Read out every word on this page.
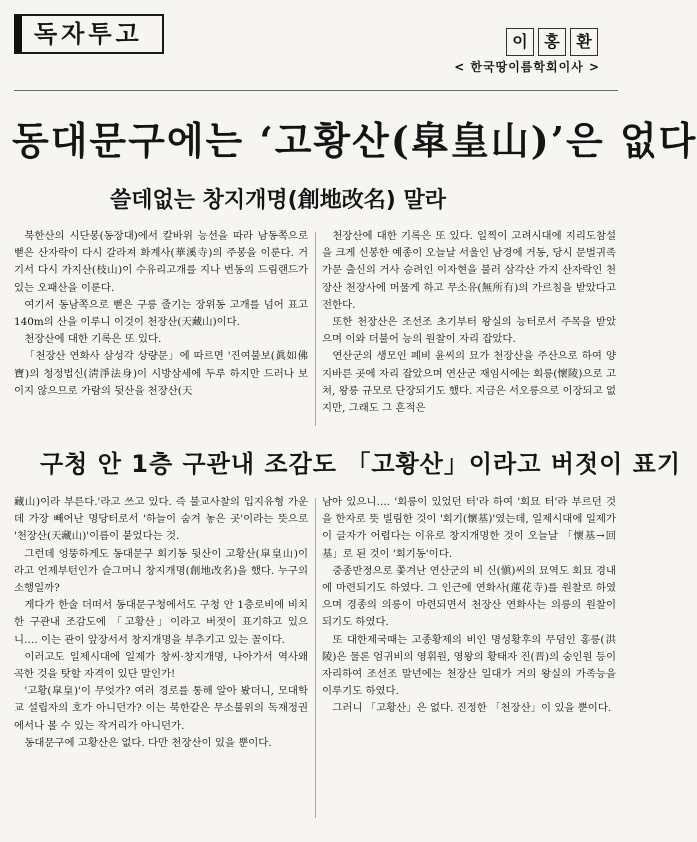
독자투고	이	홍	환
< 한국땅이름학회이사 >
동대문구에는 ‘고황산(皐皇山)’은 없다
쓸데없는 창지개명(創地改名) 말라

북한산의 시단봉(동장대)에서 칼바위 능선을 따라 남동쪽으로 뻗은 산자락이 다시 갈라져 화계사(華溪寺)의 주봉을 이룬다. 거기서 다시 가지산(枝山)이 수유리고개를 지나 번동의 드림랜드가 있는 오패산을 이룬다.

여기서 동남쪽으로 뻗은 구릉 줄기는 장위동 고개를 넘어 표고 140m의 산을 이루니 이것이 천장산(天藏山)이다.

천장산에 대한 기록은 또 있다.

「천장산 연화사 삼성각 상량문」에 따르면 '진여불보(眞如佛寶)의 청정법신(淸淨法身)이 시방삼세에 두루 하지만 드러나 보이지 않으므로 가람의 뒷산을 천장산(天

천장산에 대한 기록은 또 있다. 일찍이 고려시대에 지리도참설을 크게 신봉한 예종이 오늘날 서울인 남경에 거동, 당시 문벌귀족가문 출신의 거사 승려인 이자현을 불러 삼각산 가지 산자락인 천장산 천장사에 머물게 하고 무소유(無所有)의 가르침을 받았다고 전한다.

또한 천장산은 조선조 초기부터 왕실의 능터로서 주목을 받았으며 이와 더불어 능의 원찰이 자리 잡았다.

연산군의 생모인 폐비 윤씨의 묘가 천장산을 주산으로 하여 양지바른 곳에 자리 잡았으며 연산군 재임시에는 회릉(懷陵)으로 고쳐, 왕릉 규모로 단장되기도 했다. 지금은 서오릉으로 이장되고 없지만, 그래도 그 흔적은

구청 안 1층 구관내 조감도 「고황산」이라고 버젓이 표기

藏山)이라 부른다.'라고 쓰고 있다. 즉 불교사찰의 입지유형 가운데 가장 빼어난 명당터로서 '하늘이 숨겨 놓은 곳'이라는 뜻으로 '천장산(天藏山)'이름이 붙었다는 것.

그런데 엉뚱하게도 동대문구 회기동 뒷산이 고황산(皐皇山)이라고 언제부턴인가 슬그머니 창지개명(創地改名)을 했다. 누구의 소행일까?

게다가 한술 더떠서 동대문구청에서도 구청 안 1층로비에 비치한 구관내 조감도에 「고황산」이라고 버젓이 표기하고 있으니…. 이는 관이 앞장서서 창지개명을 부추기고 있는 꼴이다.

이러고도 일제시대에 일제가 창씨·창지개명, 나아가서 역사왜곡한 것을 탓할 자격이 있단 말인가!

'고황(皐皇)'이 무엇가? 여러 경로를 통해 알아 봤더니, 모대학교 설립자의 호가 아니던가? 이는 북한같은 무소불위의 독재정권에서나 볼 수 있는 작거리가 아니던가.

동대문구에 고황산은 없다. 다만 천장산이 있을 뿐이다.

남아 있으니…. '회릉이 있었던 터'라 하여 '회묘 터'라 부르던 것을 한자로 뜻 빌림한 것이 '회기(懷基)'였는데, 일제시대에 일제가 이 글자가 어렵다는 이유로 창지개명한 것이 오늘날 「懷基→回基」로 된 것이 '회기동'이다.

중종반정으로 쫓겨난 연산군의 비 신(愼)씨의 묘역도 회묘 경내에 마련되기도 하였다. 그 인근에 연화사(蓮花寺)를 원찰로 하였으며 경종의 의릉이 마련되면서 천장산 연화사는 의릉의 원찰이 되기도 하였다.

또 대한제국때는 고종황제의 비인 명성황후의 무덤인 홍릉(洪陵)은 물론 엄귀비의 영휘원, 영왕의 황태자 진(晋)의 숭인원 등이 자리하여 조선조 말년에는 천장산 일대가 거의 왕실의 가족능을 이루기도 하였다.

그러니 「고황산」은 없다. 진정한 「천장산」이 있을 뿐이다.
